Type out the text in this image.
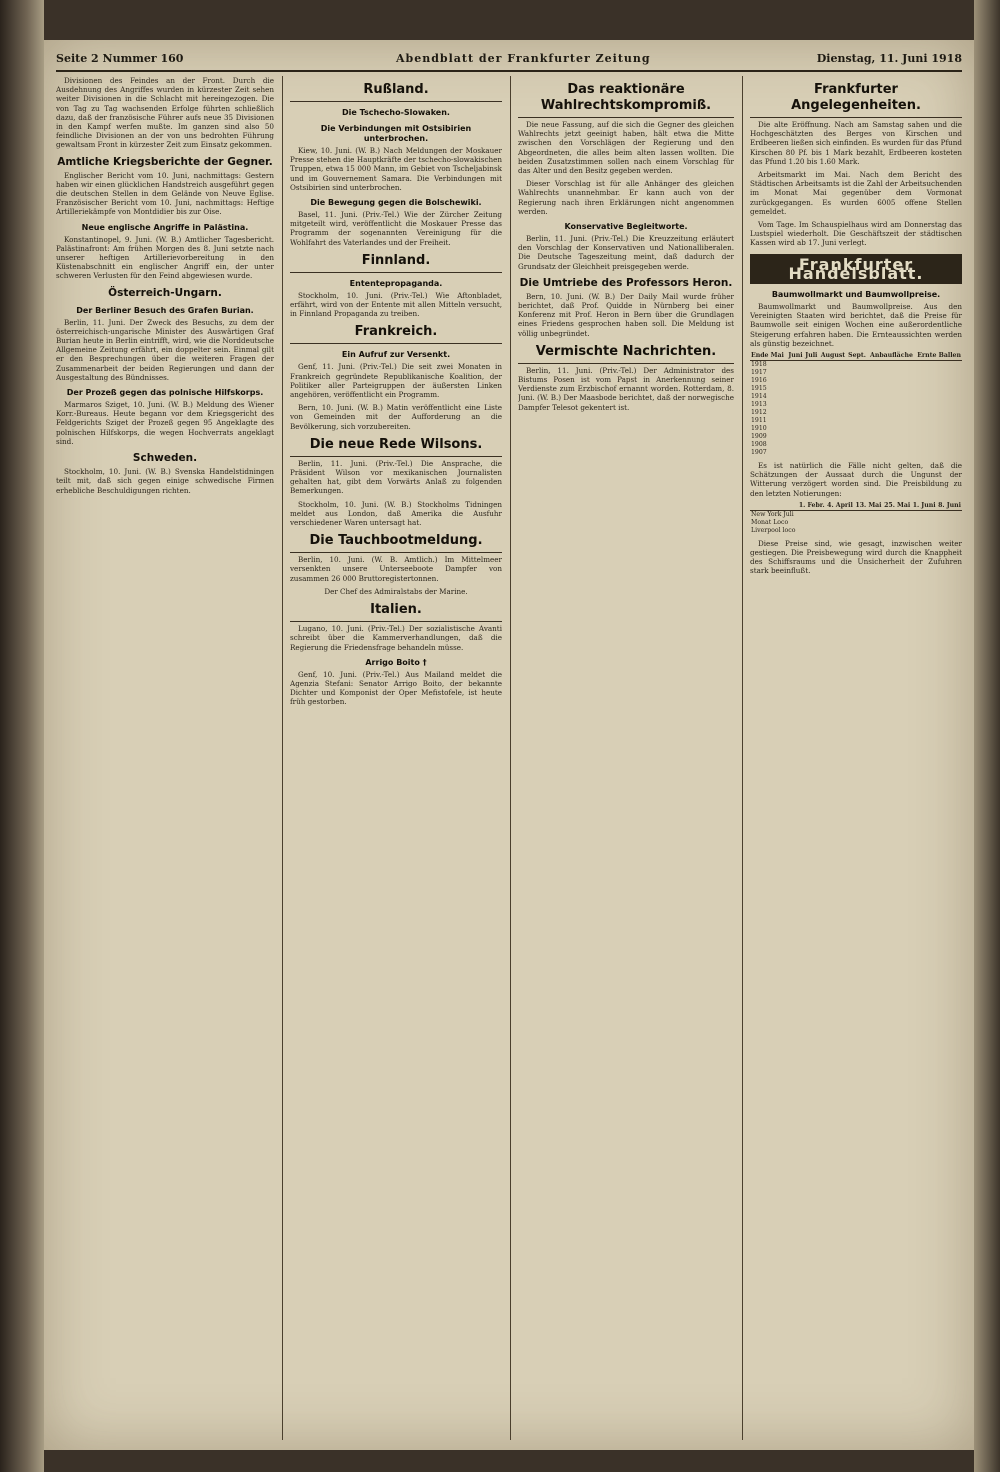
Seite 2 Nummer 160	Abendblatt der Frankfurter Zeitung	Dienstag, 11. Juni 1918

Divisionen des Feindes an der Front. Durch die Ausdehnung des Angriffes wurden in kürzester Zeit sehen weiter Divisionen in die Schlacht mit hereingezogen. Die von Tag zu Tag wachsenden Erfolge führten schließlich dazu, daß der französische Führer aufs neue 35 Divisionen in den Kampf werfen mußte. Im ganzen sind also 50 feindliche Divisionen an der von uns bedrohten Führung gewaltsam Front in kürzester Zeit zum Einsatz gekommen.

Amtliche Kriegsberichte der Gegner.

Englischer Bericht vom 10. Juni, nachmittags: Gestern haben wir einen glücklichen Handstreich ausgeführt gegen die deutschen Stellen in dem Gelände von Neuve Eglise. Französischer Bericht vom 10. Juni, nachmittags: Heftige Artilleriekämpfe von Montdidier bis zur Oise.

Neue englische Angriffe in Palästina.

Konstantinopel, 9. Juni. (W. B.) Amtlicher Tagesbericht. Palästinafront: Am frühen Morgen des 8. Juni setzte nach unserer heftigen Artillerievorbereitung in den Küstenabschnitt ein englischer Angriff ein, der unter schweren Verlusten für den Feind abgewiesen wurde.

Österreich-Ungarn.
Der Berliner Besuch des Grafen Burian.

Berlin, 11. Juni. Der Zweck des Besuchs, zu dem der österreichisch-ungarische Minister des Auswärtigen Graf Burian heute in Berlin eintrifft, wird, wie die Norddeutsche Allgemeine Zeitung erfährt, ein doppelter sein. Einmal gilt er den Besprechungen über die weiteren Fragen der Zusammenarbeit der beiden Regierungen und dann der Ausgestaltung des Bündnisses.

Der Prozeß gegen das polnische Hilfskorps.

Marmaros Sziget, 10. Juni. (W. B.) Meldung des Wiener Korr.-Bureaus. Heute begann vor dem Kriegsgericht des Feldgerichts Sziget der Prozeß gegen 95 Angeklagte des polnischen Hilfskorps, die wegen Hochverrats angeklagt sind.

Schweden.

Stockholm, 10. Juni. (W. B.) Svenska Handelstidningen teilt mit, daß sich gegen einige schwedische Firmen erhebliche Beschuldigungen richten.

Rußland.
Die Tschecho-Slowaken.
Die Verbindungen mit Ostsibirien unterbrochen.

Kiew, 10. Juni. (W. B.) Nach Meldungen der Moskauer Presse stehen die Hauptkräfte der tschecho-slowakischen Truppen, etwa 15 000 Mann, im Gebiet von Tscheljabinsk und im Gouvernement Samara. Die Verbindungen mit Ostsibirien sind unterbrochen.

Die Bewegung gegen die Bolschewiki.

Basel, 11. Juni. (Priv.-Tel.) Wie der Zürcher Zeitung mitgeteilt wird, veröffentlicht die Moskauer Presse das Programm der sogenannten Vereinigung für die Wohlfahrt des Vaterlandes und der Freiheit.

Finnland.
Ententepropaganda.

Stockholm, 10. Juni. (Priv.-Tel.) Wie Aftonbladet, erfährt, wird von der Entente mit allen Mitteln versucht, in Finnland Propaganda zu treiben.

Frankreich.
Ein Aufruf zur Versenkt.

Genf, 11. Juni. (Priv.-Tel.) Die seit zwei Monaten in Frankreich gegründete Republikanische Koalition, der Politiker aller Parteigruppen der äußersten Linken angehören, veröffentlicht ein Programm.

Bern, 10. Juni. (W. B.) Matin veröffentlicht eine Liste von Gemeinden mit der Aufforderung an die Bevölkerung, sich vorzubereiten.

Die neue Rede Wilsons.

Berlin, 11. Juni. (Priv.-Tel.) Die Ansprache, die Präsident Wilson vor mexikanischen Journalisten gehalten hat, gibt dem Vorwärts Anlaß zu folgenden Bemerkungen.

Stockholm, 10. Juni. (W. B.) Stockholms Tidningen meldet aus London, daß Amerika die Ausfuhr verschiedener Waren untersagt hat.

Die Tauchbootmeldung.

Berlin, 10. Juni. (W. B. Amtlich.) Im Mittelmeer versenkten unsere Unterseeboote Dampfer von zusammen 26 000 Bruttoregistertonnen.

Der Chef des Admiralstabs der Marine.

Italien.

Lugano, 10. Juni. (Priv.-Tel.) Der sozialistische Avanti schreibt über die Kammerverhandlungen, daß die Regierung die Friedensfrage behandeln müsse.

Arrigo Boito †

Genf, 10. Juni. (Priv.-Tel.) Aus Mailand meldet die Agenzia Stefani: Senator Arrigo Boito, der bekannte Dichter und Komponist der Oper Mefistofele, ist heute früh gestorben.

Das reaktionäre Wahlrechtskompromiß.

Die neue Fassung, auf die sich die Gegner des gleichen Wahlrechts jetzt geeinigt haben, hält etwa die Mitte zwischen den Vorschlägen der Regierung und den Abgeordneten, die alles beim alten lassen wollten. Die beiden Zusatzstimmen sollen nach einem Vorschlag für das Alter und den Besitz gegeben werden.

Dieser Vorschlag ist für alle Anhänger des gleichen Wahlrechts unannehmbar. Er kann auch von der Regierung nach ihren Erklärungen nicht angenommen werden.

Konservative Begleitworte.

Berlin, 11. Juni. (Priv.-Tel.) Die Kreuzzeitung erläutert den Vorschlag der Konservativen und Nationalliberalen. Die Deutsche Tageszeitung meint, daß dadurch der Grundsatz der Gleichheit preisgegeben werde.

Die Umtriebe des Professors Heron.

Bern, 10. Juni. (W. B.) Der Daily Mail wurde früher berichtet, daß Prof. Quidde in Nürnberg bei einer Konferenz mit Prof. Heron in Bern über die Grundlagen eines Friedens gesprochen haben soll. Die Meldung ist völlig unbegründet.

Vermischte Nachrichten.

Berlin, 11. Juni. (Priv.-Tel.) Der Administrator des Bistums Posen ist vom Papst in Anerkennung seiner Verdienste zum Erzbischof ernannt worden. Rotterdam, 8. Juni. (W. B.) Der Maasbode berichtet, daß der norwegische Dampfer Telesot gekentert ist.

Frankfurter Angelegenheiten.

Die alte Eröffnung. Nach am Samstag sahen und die Hochgeschätzten des Berges von Kirschen und Erdbeeren ließen sich einfinden. Es wurden für das Pfund Kirschen 80 Pf. bis 1 Mark bezahlt, Erdbeeren kosteten das Pfund 1.20 bis 1.60 Mark.

Arbeitsmarkt im Mai. Nach dem Bericht des Städtischen Arbeitsamts ist die Zahl der Arbeitsuchenden im Monat Mai gegenüber dem Vormonat zurückgegangen. Es wurden 6005 offene Stellen gemeldet.

Vom Tage. Im Schauspielhaus wird am Donnerstag das Lustspiel wiederholt. Die Geschäftszeit der städtischen Kassen wird ab 17. Juni verlegt.

Frankfurter Handelsblatt.
Baumwollmarkt und Baumwollpreise.

Baumwollmarkt und Baumwollpreise. Aus den Vereinigten Staaten wird berichtet, daß die Preise für Baumwolle seit einigen Wochen eine außerordentliche Steigerung erfahren haben. Die Ernteaussichten werden als günstig bezeichnet.

Ende Mai	Juni	Juli	August	Sept.	Anbaufläche	Ernte Ballen
1918						
1917						
1916						
1915						
1914						
1913						
1912						
1911						
1910						
1909						
1908						
1907						

Es ist natürlich die Fälle nicht gelten, daß die Schätzungen der Aussaat durch die Ungunst der Witterung verzögert worden sind. Die Preisbildung zu den letzten Notierungen:

	1. Febr.	4. April	13. Mai	25. Mai	1. Juni	8. Juni
New York Juli						
Monat Loco						
Liverpool loco						

Diese Preise sind, wie gesagt, inzwischen weiter gestiegen. Die Preisbewegung wird durch die Knappheit des Schiffsraums und die Unsicherheit der Zufuhren stark beeinflußt.
